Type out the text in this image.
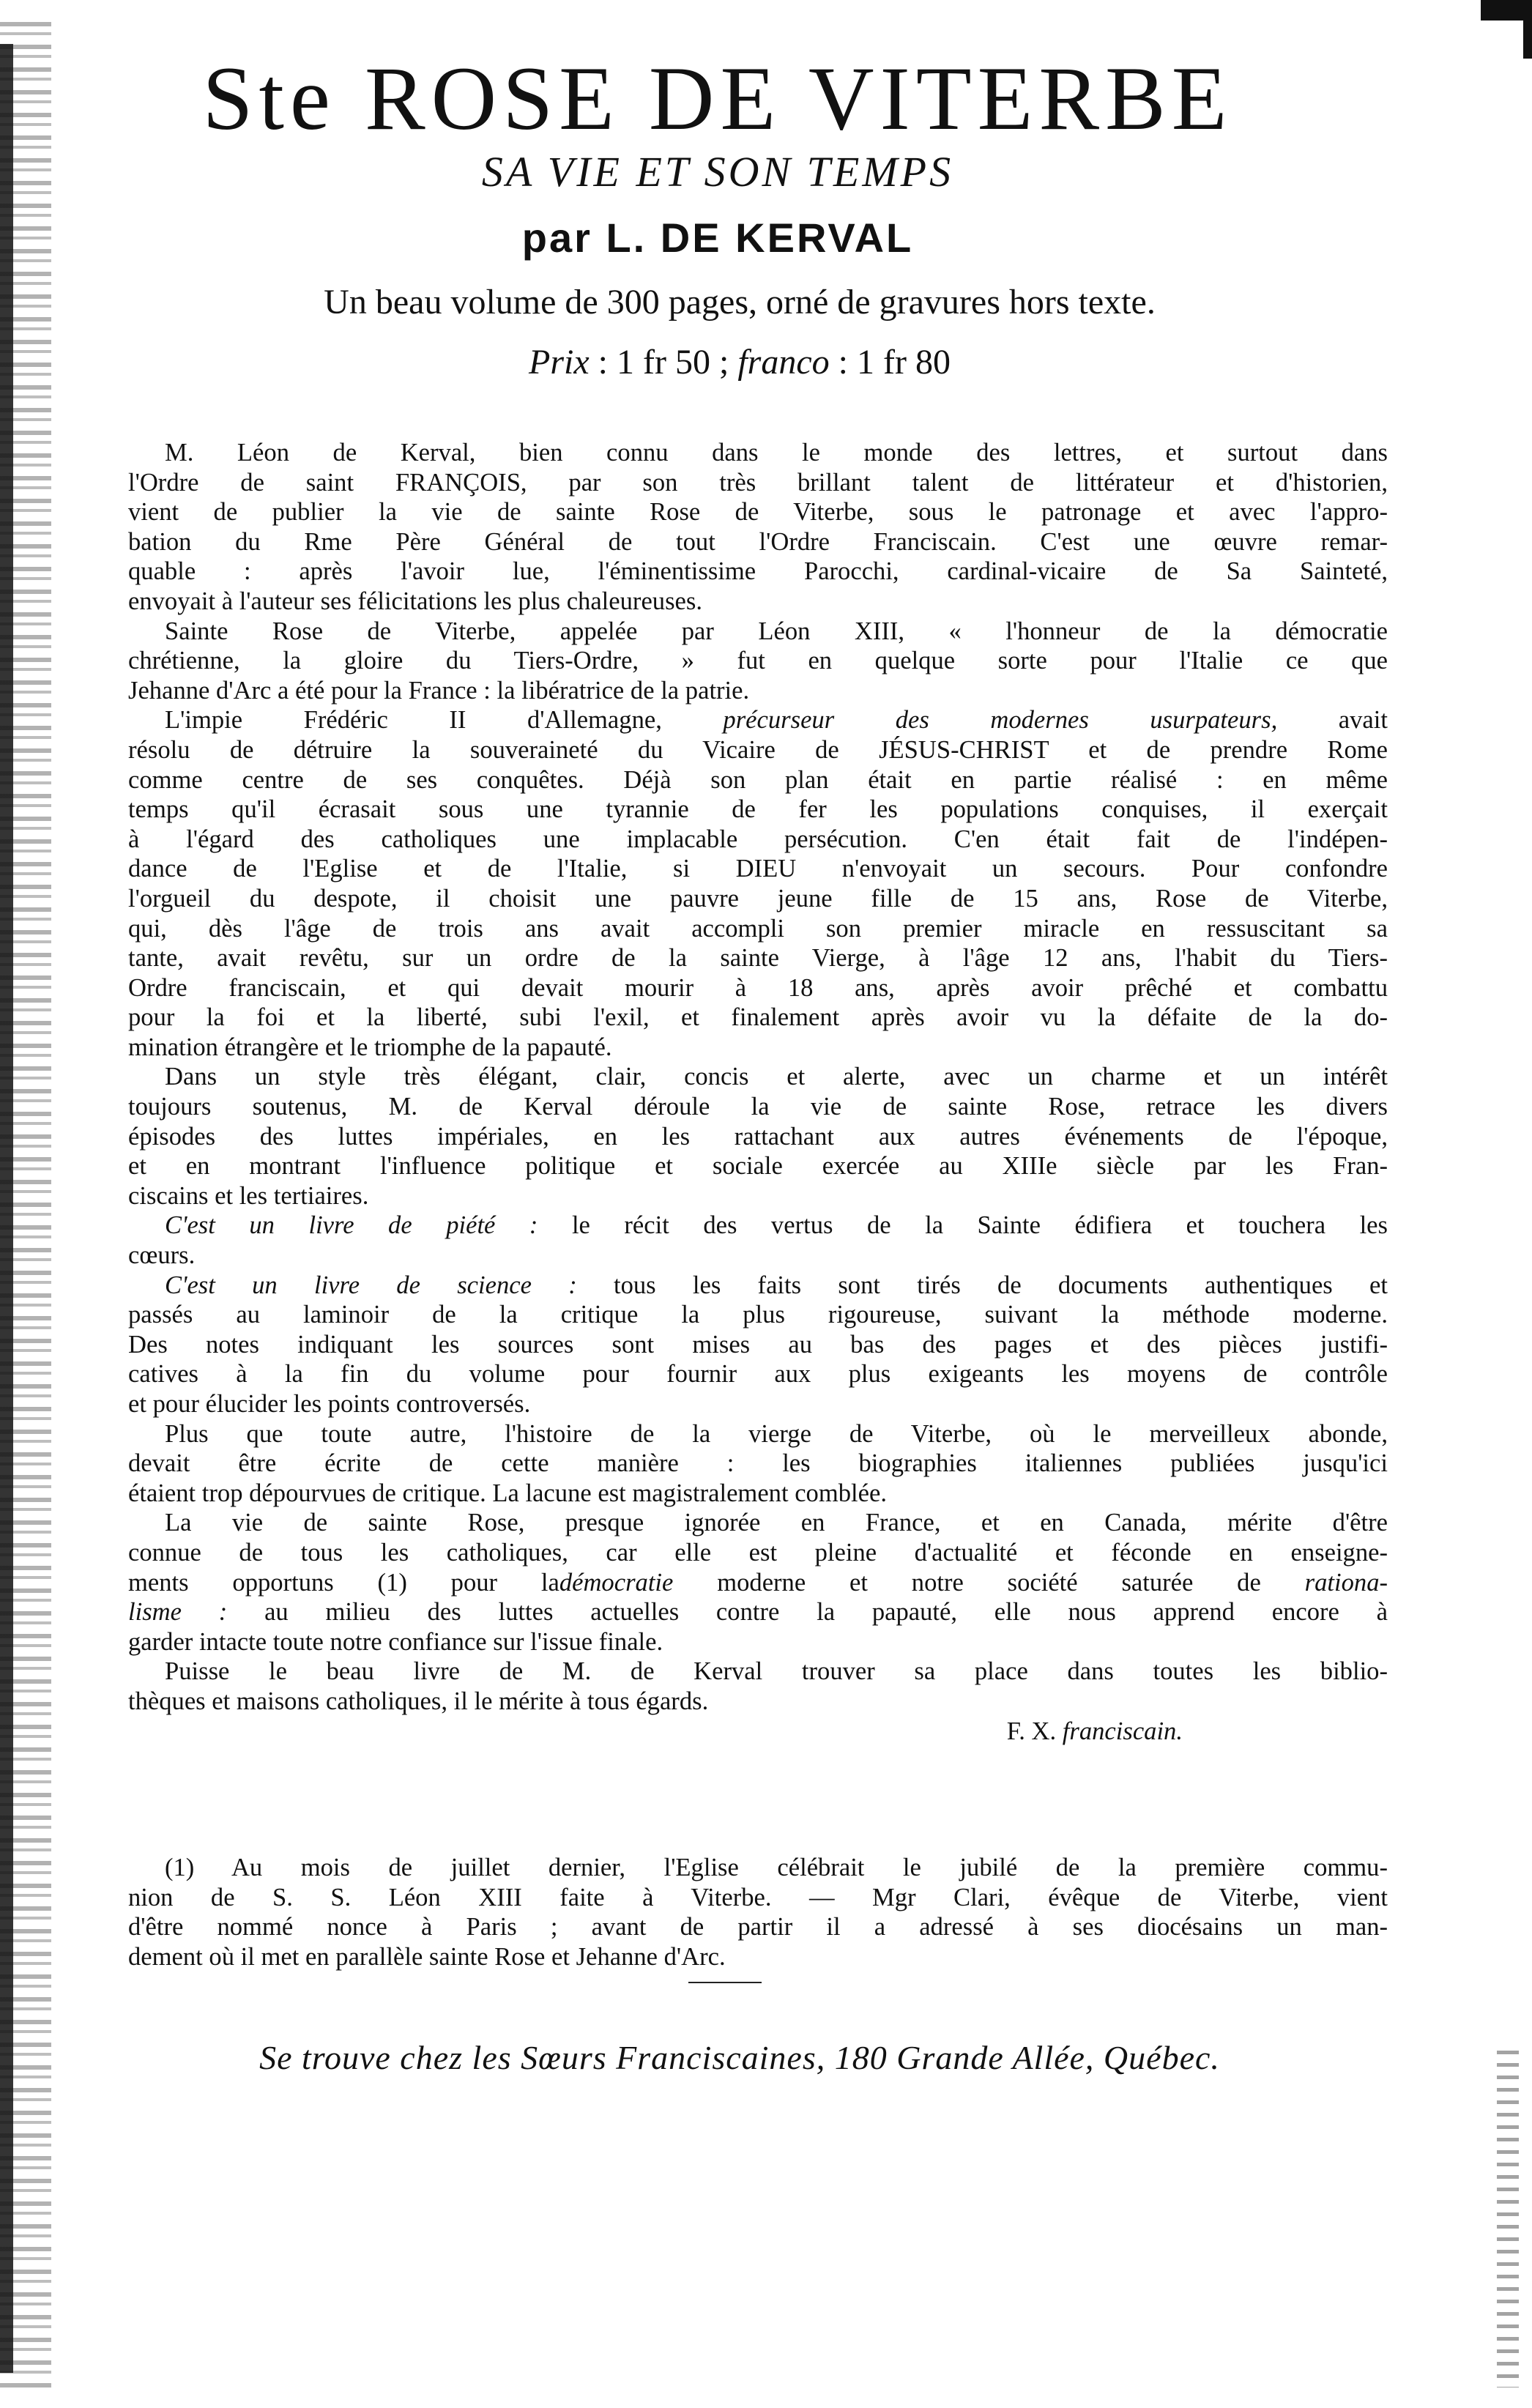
Ste ROSE DE VITERBE
SA VIE ET SON TEMPS
par L. DE KERVAL
Un beau volume de 300 pages, orné de gravures hors texte.
Prix : 1 fr 50 ; franco : 1 fr 80
M. Léon de Kerval, bien connu dans le monde des lettres, et surtout dans
l'Ordre de saint FRANÇOIS, par son très brillant talent de littérateur et d'historien,
vient de publier la vie de sainte Rose de Viterbe, sous le patronage et avec l'appro-
bation du Rme Père Général de tout l'Ordre Franciscain. C'est une œuvre remar-
quable : après l'avoir lue, l'éminentissime Parocchi, cardinal-vicaire de Sa Sainteté,
envoyait à l'auteur ses félicitations les plus chaleureuses.
Sainte Rose de Viterbe, appelée par Léon XIII, « l'honneur de la démocratie
chrétienne, la gloire du Tiers-Ordre, » fut en quelque sorte pour l'Italie ce que
Jehanne d'Arc a été pour la France : la libératrice de la patrie.
L'impie Frédéric II d'Allemagne, précurseur des modernes usurpateurs, avait
résolu de détruire la souveraineté du Vicaire de JÉSUS-CHRIST et de prendre Rome
comme centre de ses conquêtes. Déjà son plan était en partie réalisé : en même
temps qu'il écrasait sous une tyrannie de fer les populations conquises, il exerçait
à l'égard des catholiques une implacable persécution. C'en était fait de l'indépen-
dance de l'Eglise et de l'Italie, si DIEU n'envoyait un secours. Pour confondre
l'orgueil du despote, il choisit une pauvre jeune fille de 15 ans, Rose de Viterbe,
qui, dès l'âge de trois ans avait accompli son premier miracle en ressuscitant sa
tante, avait revêtu, sur un ordre de la sainte Vierge, à l'âge 12 ans, l'habit du Tiers-
Ordre franciscain, et qui devait mourir à 18 ans, après avoir prêché et combattu
pour la foi et la liberté, subi l'exil, et finalement après avoir vu la défaite de la do-
mination étrangère et le triomphe de la papauté.
Dans un style très élégant, clair, concis et alerte, avec un charme et un intérêt
toujours soutenus, M. de Kerval déroule la vie de sainte Rose, retrace les divers
épisodes des luttes impériales, en les rattachant aux autres événements de l'époque,
et en montrant l'influence politique et sociale exercée au XIIIe siècle par les Fran-
ciscains et les tertiaires.
C'est un livre de piété : le récit des vertus de la Sainte édifiera et touchera les
cœurs.
C'est un livre de science : tous les faits sont tirés de documents authentiques et
passés au laminoir de la critique la plus rigoureuse, suivant la méthode moderne.
Des notes indiquant les sources sont mises au bas des pages et des pièces justifi-
catives à la fin du volume pour fournir aux plus exigeants les moyens de contrôle
et pour élucider les points controversés.
Plus que toute autre, l'histoire de la vierge de Viterbe, où le merveilleux abonde,
devait être écrite de cette manière : les biographies italiennes publiées jusqu'ici
étaient trop dépourvues de critique. La lacune est magistralement comblée.
La vie de sainte Rose, presque ignorée en France, et en Canada, mérite d'être
connue de tous les catholiques, car elle est pleine d'actualité et féconde en enseigne-
ments opportuns (1) pour ladémocratie moderne et notre société saturée de rationa-
lisme : au milieu des luttes actuelles contre la papauté, elle nous apprend encore à
garder intacte toute notre confiance sur l'issue finale.
Puisse le beau livre de M. de Kerval trouver sa place dans toutes les biblio-
thèques et maisons catholiques, il le mérite à tous égards.
F. X. franciscain.
(1) Au mois de juillet dernier, l'Eglise célébrait le jubilé de la première commu-
nion de S. S. Léon XIII faite à Viterbe. — Mgr Clari, évêque de Viterbe, vient
d'être nommé nonce à Paris ; avant de partir il a adressé à ses diocésains un man-
dement où il met en parallèle sainte Rose et Jehanne d'Arc.
Se trouve chez les Sœurs Franciscaines, 180 Grande Allée, Québec.
